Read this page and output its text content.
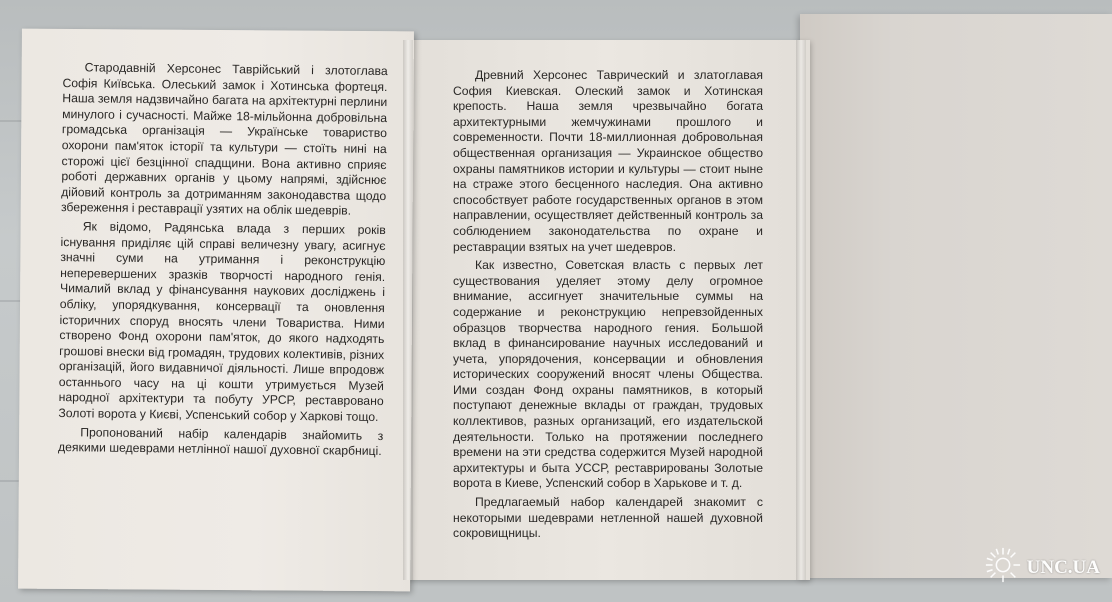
Древний Херсонес Таврический и златоглавая София Киевская. Олеский замок и Хотинская крепость. Наша земля чрезвычайно богата архитектурными жемчужинами прошлого и современности. Почти 18-миллионная добровольная общественная организация — Украинское общество охраны памятников истории и культуры — стоит ныне на страже этого бесценного наследия. Она активно способствует работе государственных органов в этом направлении, осуществляет действенный контроль за соблюдением законодательства по охране и реставрации взятых на учет шедевров.

Как известно, Советская власть с первых лет существования уделяет этому делу огромное внимание, ассигнует значительные суммы на содержание и реконструкцию непревзойденных образцов творчества народного гения. Большой вклад в финансирование научных исследований и учета, упорядочения, консервации и обновления исторических сооружений вносят члены Общества. Ими создан Фонд охраны памятников, в который поступают денежные вклады от граждан, трудовых коллективов, разных организаций, его издательской деятельности. Только на протяжении последнего времени на эти средства содержится Музей народной архитектуры и быта УССР, реставрированы Золотые ворота в Киеве, Успенский собор в Харькове и т. д.

Предлагаемый набор календарей знакомит с некоторыми шедеврами нетленной нашей духовной сокровищницы.

Стародавній Херсонес Таврійський і злотоглава Софія Київська. Олеський замок і Хотинська фортеця. Наша земля надзвичайно багата на архітектурні перлини минулого і сучасності. Майже 18-мільйонна добровільна громадська організація — Українське товариство охорони пам'яток історії та культури — стоїть нині на сторожі цієї безцінної спадщини. Вона активно сприяє роботі державних органів у цьому напрямі, здійснює дійовий контроль за дотриманням законодавства щодо збереження і реставрації узятих на облік шедеврів.

Як відомо, Радянська влада з перших років існування приділяє цій справі величезну увагу, асигнує значні суми на утримання і реконструкцію неперевершених зразків творчості народного генія. Чималий вклад у фінансування наукових досліджень і обліку, упорядкування, консервації та оновлення історичних споруд вносять члени Товариства. Ними створено Фонд охорони пам'яток, до якого надходять грошові внески від громадян, трудових колективів, різних організацій, його видавничої діяльності. Лише впродовж останнього часу на ці кошти утримується Музей народної архітектури та побуту УРСР, реставровано Золоті ворота у Києві, Успенський собор у Харкові тощо.

Пропонований набір календарів знайомить з деякими шедеврами нетлінної нашої духовної скарбниці.

UNC.UA
